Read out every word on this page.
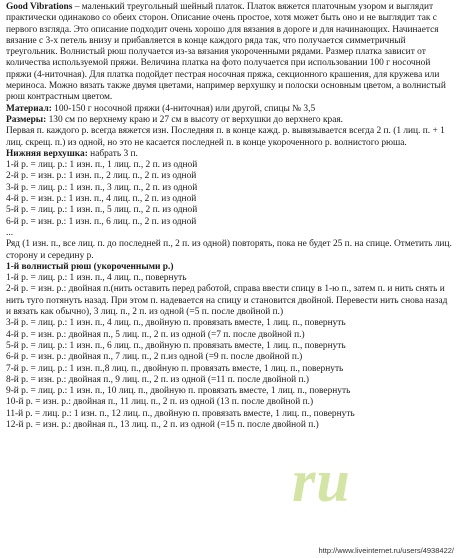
Good Vibrations – маленький треугольный шейный платок. Платок вяжется платочным узором и выглядит практически одинаково со обеих сторон. Описание очень простое, хотя может быть оно и не выглядит так с первого взгляда. Это описание подходит очень хорошо для вязания в дороге и для начинающих. Начинается вязание с 3-х петель внизу и прибавляется в конце каждого ряда так, что получается симметричный треугольник. Волнистый рюш получается из-за вязания укороченными рядами. Размер платка зависит от количества используемой пряжи. Величина платка на фото получается при использовании 100 г носочной пряжи (4-ниточная). Для платка подойдет пестрая носочная пряжа, секционного крашения, для кружева или мериноса. Можно вязать также двумя цветами, например верхушку и полоски основным цветом, а волнистый рюш контрастным цветом.

Материал: 100-150 г носочной пряжи (4-ниточная) или другой, спицы № 3,5

Размеры: 130 см по верхнему краю и 27 см в высоту от верхушки до верхнего края.

Первая п. каждого р. всегда вяжется изн. Последняя п. в конце кажд. р. вывязывается всегда 2 п. (1 лиц. п. + 1 лиц. скрещ. п.) из одной, но это не касается последней п. в конце укороченного р. волнистого рюша.

Нижняя верхушка: набрать 3 п.

1-й р. = лиц. р.: 1 изн. п., 1 лиц. п., 2 п. из одной

2-й р. = изн. р.: 1 изн. п., 2 лиц. п., 2 п. из одной

3-й р. = лиц. р.: 1 изн. п., 3 лиц. п., 2 п. из одной

4-й р. = изн. р.: 1 изн. п., 4 лиц. п., 2 п. из одной

5-й р. = лиц. р.: 1 изн. п., 5 лиц. п., 2 п. из одной

6-й р. = изн. р.: 1 изн. п., 6 лиц. п., 2 п. из одной

...

Ряд (1 изн. п., все лиц. п. до последней п., 2 п. из одной) повторять, пока не будет 25 п. на спице. Отметить лиц. сторону и середину р.

1-й волнистый рюш (укороченными р.)

1-й р. = лиц. р.: 1 изн. п., 4 лиц. п., повернуть

2-й р. = изн. р.: двойная п.(нить оставить перед работой, справа ввести спицу в 1-ю п., затем п. и нить снять и нить туго потянуть назад. При этом п. надевается на спицу и становится двойной. Перевести нить снова назад и вязать как обычно), 3 лиц. п., 2 п. из одной (=5 п. после двойной п.)

3-й р. = лиц. р.: 1 изн. п., 4 лиц. п., двойную п. провязать вместе, 1 лиц. п., повернуть

4-й р. = изн. р.: двойная п., 5 лиц. п., 2 п. из одной (=7 п. после двойной п.)

5-й р. = лиц. р.: 1 изн. п., 6 лиц. п., двойную п. провязать вместе, 1 лиц. п., повернуть

6-й р. = изн. р.: двойная п., 7 лиц. п., 2 п.из одной (=9 п. после двойной п.)

7-й р. = лиц. р.: 1 изн. п.,8 лиц. п., двойную п. провязать вместе, 1 лиц. п., повернуть

8-й р. = изн. р.: двойная п., 9 лиц. п., 2 п. из одной (=11 п. после двойной п.)

9-й р. = лиц. р.: 1 изн. п., 10 лиц. п., двойную п. провязать вместе, 1 лиц. п., повернуть

10-й р. = изн. р.: двойная п., 11 лиц. п., 2 п. из одной (13 п. после двойной п.)

11-й р. = лиц. р.: 1 изн. п., 12 лиц. п., двойную п. провязать вместе, 1 лиц. п., повернуть

12-й р. = изн. р.: двойная п., 13 лиц. п., 2 п. из одной (=15 п. после двойной п.)

ru
http://www.liveinternet.ru/users/4938422/
